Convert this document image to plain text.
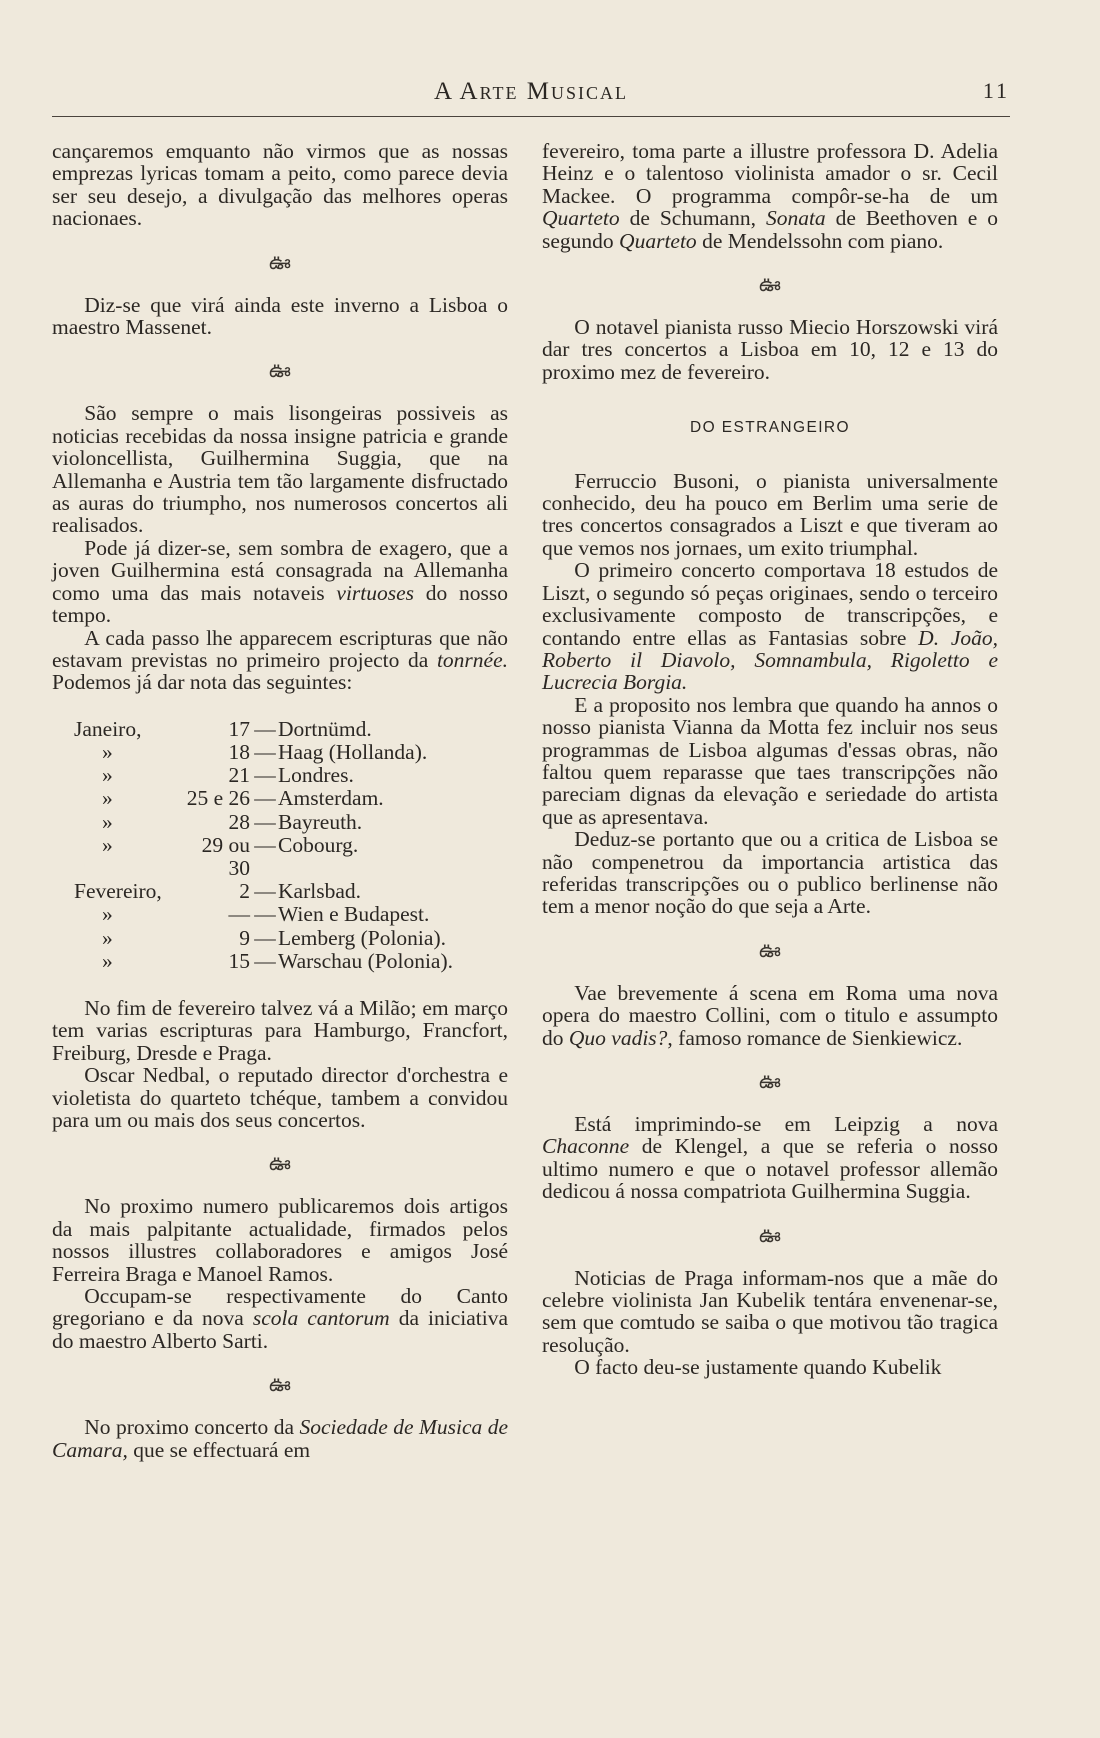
A Arte Musical	11

cançaremos emquanto não virmos que as nossas emprezas lyricas tomam a peito, como parece devia ser seu desejo, a divulgação das melhores operas nacionaes.

ఊ

Diz-se que virá ainda este inverno a Lisboa o maestro Massenet.

ఊ

São sempre o mais lisongeiras possiveis as noticias recebidas da nossa insigne patricia e grande violoncellista, Guilhermina Suggia, que na Allemanha e Austria tem tão largamente disfructado as auras do triumpho, nos numerosos concertos ali realisados.

Pode já dizer-se, sem sombra de exagero, que a joven Guilhermina está consagrada na Allemanha como uma das mais notaveis virtuoses do nosso tempo.

A cada passo lhe apparecem escripturas que não estavam previstas no primeiro projecto da tonrnée. Podemos já dar nota das seguintes:

Janeiro,	17	—	Dortnümd.
»	18	—	Haag (Hollanda).
»	21	—	Londres.
»	25 e 26	—	Amsterdam.
»	28	—	Bayreuth.
»	29 ou 30	—	Cobourg.
Fevereiro,	2	—	Karlsbad.
»	—	—	Wien e Budapest.
»	9	—	Lemberg (Polonia).
»	15	—	Warschau (Polonia).

No fim de fevereiro talvez vá a Milão; em março tem varias escripturas para Hamburgo, Francfort, Freiburg, Dresde e Praga.

Oscar Nedbal, o reputado director d'orchestra e violetista do quarteto tchéque, tambem a convidou para um ou mais dos seus concertos.

ఊ

No proximo numero publicaremos dois artigos da mais palpitante actualidade, firmados pelos nossos illustres collaboradores e amigos José Ferreira Braga e Manoel Ramos.

Occupam-se respectivamente do Canto gregoriano e da nova scola cantorum da iniciativa do maestro Alberto Sarti.

ఊ

No proximo concerto da Sociedade de Musica de Camara, que se effectuará em

fevereiro, toma parte a illustre professora D. Adelia Heinz e o talentoso violinista amador o sr. Cecil Mackee. O programma compôr-se-ha de um Quarteto de Schumann, Sonata de Beethoven e o segundo Quarteto de Mendelssohn com piano.

ఊ

O notavel pianista russo Miecio Horszowski virá dar tres concertos a Lisboa em 10, 12 e 13 do proximo mez de fevereiro.

DO ESTRANGEIRO

Ferruccio Busoni, o pianista universalmente conhecido, deu ha pouco em Berlim uma serie de tres concertos consagrados a Liszt e que tiveram ao que vemos nos jornaes, um exito triumphal.

O primeiro concerto comportava 18 estudos de Liszt, o segundo só peças originaes, sendo o terceiro exclusivamente composto de transcripções, e contando entre ellas as Fantasias sobre D. João, Roberto il Diavolo, Somnambula, Rigoletto e Lucrecia Borgia.

E a proposito nos lembra que quando ha annos o nosso pianista Vianna da Motta fez incluir nos seus programmas de Lisboa algumas d'essas obras, não faltou quem reparasse que taes transcripções não pareciam dignas da elevação e seriedade do artista que as apresentava.

Deduz-se portanto que ou a critica de Lisboa se não compenetrou da importancia artistica das referidas transcripções ou o publico berlinense não tem a menor noção do que seja a Arte.

ఊ

Vae brevemente á scena em Roma uma nova opera do maestro Collini, com o titulo e assumpto do Quo vadis?, famoso romance de Sienkiewicz.

ఊ

Está imprimindo-se em Leipzig a nova Chaconne de Klengel, a que se referia o nosso ultimo numero e que o notavel professor allemão dedicou á nossa compatriota Guilhermina Suggia.

ఊ

Noticias de Praga informam-nos que a mãe do celebre violinista Jan Kubelik tentára envenenar-se, sem que comtudo se saiba o que motivou tão tragica resolução.

O facto deu-se justamente quando Kubelik
